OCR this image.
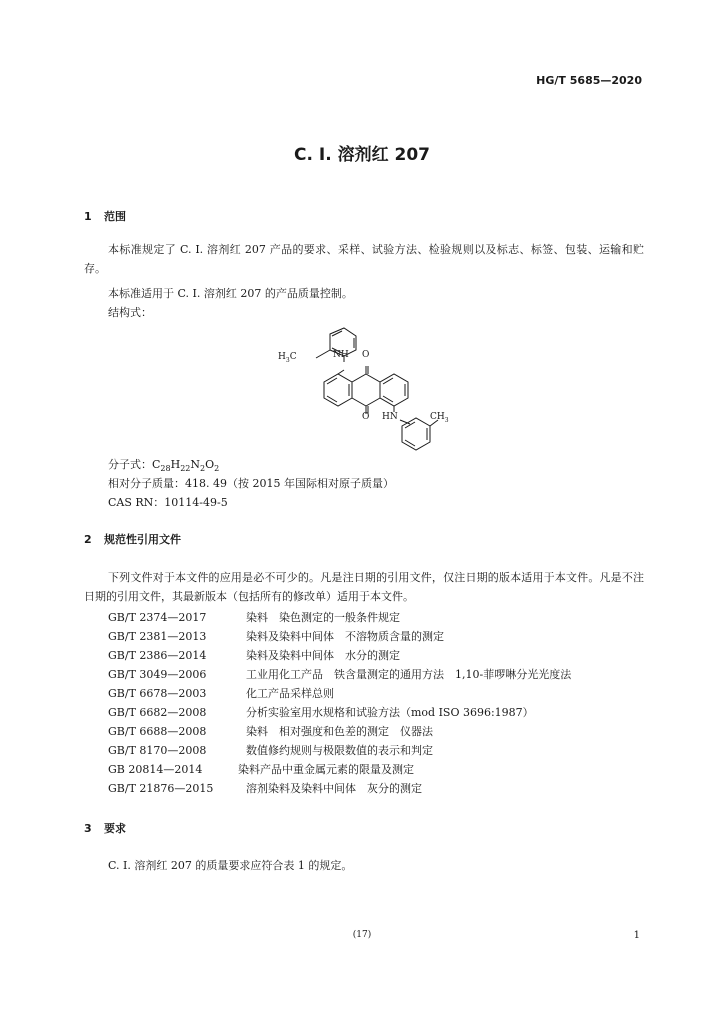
HG/T 5685—2020
C. I. 溶剂红 207
1 范围
本标准规定了 C. I. 溶剂红 207 产品的要求、采样、试验方法、检验规则以及标志、标签、包装、运输和贮存。
本标准适用于 C. I. 溶剂红 207 的产品质量控制。
结构式：
$H_3C$	NH O
O HN	$CH_3$
分子式：$C_{28}H_{22}N_2O_2$
相对分子质量：418. 49（按 2015 年国际相对原子质量）
CAS RN：10114-49-5
2 规范性引用文件
下列文件对于本文件的应用是必不可少的。凡是注日期的引用文件，仅注日期的版本适用于本文件。凡是不注日期的引用文件，其最新版本（包括所有的修改单）适用于本文件。
GB/T 2374—2017	染料　染色测定的一般条件规定
GB/T 2381—2013	染料及染料中间体　不溶物质含量的测定
GB/T 2386—2014	染料及染料中间体　水分的测定
GB/T 3049—2006	工业用化工产品　铁含量测定的通用方法　1,10-菲啰啉分光光度法
GB/T 6678—2003	化工产品采样总则
GB/T 6682—2008	分析实验室用水规格和试验方法（mod ISO 3696:1987）
GB/T 6688—2008	染料　相对强度和色差的测定　仪器法
GB/T 8170—2008	数值修约规则与极限数值的表示和判定
GB 20814—2014	染料产品中重金属元素的限量及测定
GB/T 21876—2015	溶剂染料及染料中间体　灰分的测定
3 要求
C. I. 溶剂红 207 的质量要求应符合表 1 的规定。
(17)	1
